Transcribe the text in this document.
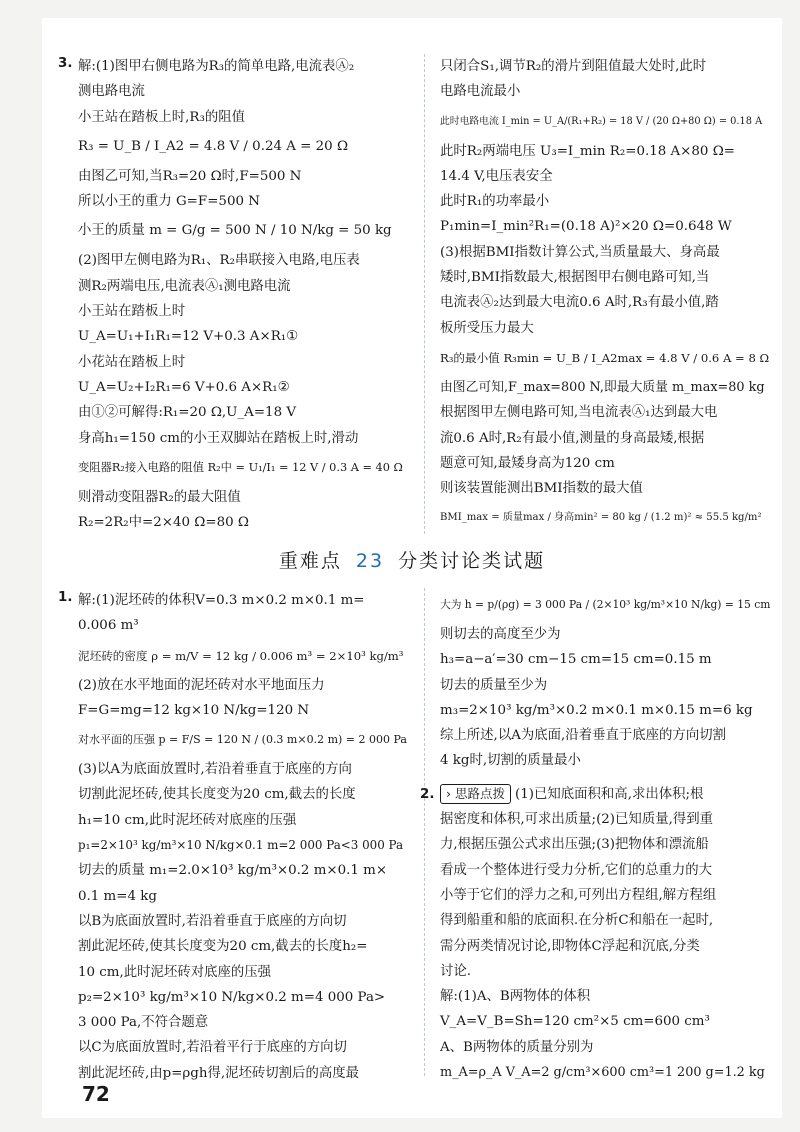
3. 解:(1)图甲右侧电路为R₃的简单电路,电流表Ⓐ₂
测电路电流
小王站在踏板上时,R₃的阻值
R₃ = U_B / I_A2 = 4.8 V / 0.24 A = 20 Ω
由图乙可知,当R₃=20 Ω时,F=500 N
所以小王的重力 G=F=500 N
小王的质量 m = G/g = 500 N / 10 N/kg = 50 kg
(2)图甲左侧电路为R₁、R₂串联接入电路,电压表
测R₂两端电压,电流表Ⓐ₁测电路电流
小王站在踏板上时
U_A=U₁+I₁R₁=12 V+0.3 A×R₁①
小花站在踏板上时
U_A=U₂+I₂R₁=6 V+0.6 A×R₁②
由①②可解得:R₁=20 Ω,U_A=18 V
身高h₁=150 cm的小王双脚站在踏板上时,滑动
变阻器R₂接入电路的阻值 R₂中 = U₁/I₁ = 12 V / 0.3 A = 40 Ω
则滑动变阻器R₂的最大阻值
R₂=2R₂中=2×40 Ω=80 Ω
只闭合S₁,调节R₂的滑片到阻值最大处时,此时
电路电流最小
此时电路电流 I_min = U_A/(R₁+R₂) = 18 V / (20 Ω+80 Ω) = 0.18 A
此时R₂两端电压 U₃=I_min R₂=0.18 A×80 Ω=
14.4 V,电压表安全
此时R₁的功率最小
P₁min=I_min²R₁=(0.18 A)²×20 Ω=0.648 W
(3)根据BMI指数计算公式,当质量最大、身高最
矮时,BMI指数最大,根据图甲右侧电路可知,当
电流表Ⓐ₂达到最大电流0.6 A时,R₃有最小值,踏
板所受压力最大
R₃的最小值 R₃min = U_B / I_A2max = 4.8 V / 0.6 A = 8 Ω
由图乙可知,F_max=800 N,即最大质量 m_max=80 kg
根据图甲左侧电路可知,当电流表Ⓐ₁达到最大电
流0.6 A时,R₂有最小值,测量的身高最矮,根据
题意可知,最矮身高为120 cm
则该装置能测出BMI指数的最大值
BMI_max = 质量max / 身高min² = 80 kg / (1.2 m)² ≈ 55.5 kg/m²
重难点 23 分类讨论类试题
1. 解:(1)泥坯砖的体积V=0.3 m×0.2 m×0.1 m=
0.006 m³
泥坯砖的密度 ρ = m/V = 12 kg / 0.006 m³ = 2×10³ kg/m³
(2)放在水平地面的泥坯砖对水平地面压力
F=G=mg=12 kg×10 N/kg=120 N
对水平面的压强 p = F/S = 120 N / (0.3 m×0.2 m) = 2 000 Pa
(3)以A为底面放置时,若沿着垂直于底座的方向
切割此泥坯砖,使其长度变为20 cm,截去的长度
h₁=10 cm,此时泥坯砖对底座的压强
p₁=2×10³ kg/m³×10 N/kg×0.1 m=2 000 Pa<3 000 Pa
切去的质量 m₁=2.0×10³ kg/m³×0.2 m×0.1 m×
0.1 m=4 kg
以B为底面放置时,若沿着垂直于底座的方向切
割此泥坯砖,使其长度变为20 cm,截去的长度h₂=
10 cm,此时泥坯砖对底座的压强
p₂=2×10³ kg/m³×10 N/kg×0.2 m=4 000 Pa>
3 000 Pa,不符合题意
以C为底面放置时,若沿着平行于底座的方向切
割此泥坯砖,由p=ρgh得,泥坯砖切割后的高度最
大为 h = p/(ρg) = 3 000 Pa / (2×10³ kg/m³×10 N/kg) = 15 cm
则切去的高度至少为
h₃=a−a′=30 cm−15 cm=15 cm=0.15 m
切去的质量至少为
m₃=2×10³ kg/m³×0.2 m×0.1 m×0.15 m=6 kg
综上所述,以A为底面,沿着垂直于底座的方向切割
4 kg时,切割的质量最小
2. › 思路点拨 (1)已知底面积和高,求出体积;根
据密度和体积,可求出质量;(2)已知质量,得到重
力,根据压强公式求出压强;(3)把物体和漂流船
看成一个整体进行受力分析,它们的总重力的大
小等于它们的浮力之和,可列出方程组,解方程组
得到船重和船的底面积.在分析C和船在一起时,
需分两类情况讨论,即物体C浮起和沉底,分类
讨论.
解:(1)A、B两物体的体积
V_A=V_B=Sh=120 cm²×5 cm=600 cm³
A、B两物体的质量分别为
m_A=ρ_A V_A=2 g/cm³×600 cm³=1 200 g=1.2 kg
72
